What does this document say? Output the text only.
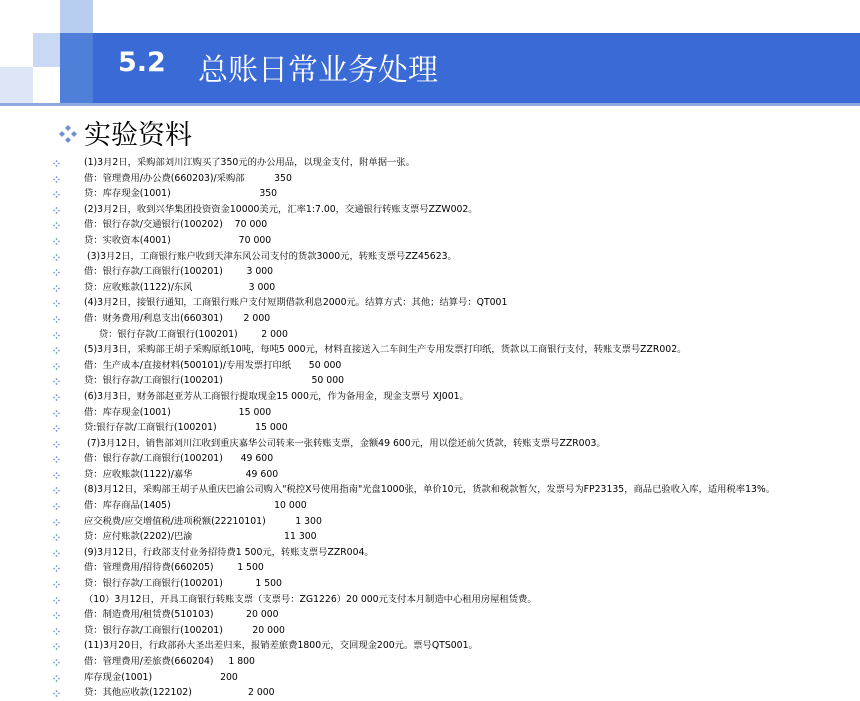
5.2 总账日常业务处理
实验资料
(1)3月2日，采购部刘川江购买了350元的办公用品，以现金支付，附单据一张。
借：管理费用/办公费(660203)/采购部          350
贷：库存现金(1001)                              350
(2)3月2日，收到兴华集团投资资金10000美元，汇率1:7.00，交通银行转账支票号ZZW002。
借：银行存款/交通银行(100202)    70 000
贷：实收资本(4001)                       70 000
(3)3月2日，工商银行账户收到天津东风公司支付的货款3000元，转账支票号ZZ45623。
借：银行存款/工商银行(100201)        3 000
贷：应收账款(1122)/东风                   3 000
(4)3月2日，接银行通知，工商银行账户支付短期借款利息2000元。结算方式：其他；结算号：QT001
借：财务费用/利息支出(660301)       2 000
贷：银行存款/工商银行(100201)        2 000
(5)3月3日，采购部王胡子采购原纸10吨，每吨5 000元，材料直接送入二车间生产专用发票打印纸，货款以工商银行支付，转账支票号ZZR002。
借：生产成本/直接材料(500101)/专用发票打印纸      50 000
贷：银行存款/工商银行(100201)                              50 000
(6)3月3日，财务部赵亚芳从工商银行提取现金15 000元，作为备用金，现金支票号 XJ001。
借：库存现金(1001)                       15 000
贷:银行存款/工商银行(100201)             15 000
(7)3月12日，销售部刘川江收到重庆嘉华公司转来一张转账支票，金额49 600元，用以偿还前欠货款，转账支票号ZZR003。
借：银行存款/工商银行(100201)      49 600
贷：应收账款(1122)/嘉华                  49 600
(8)3月12日，采购部王胡子从重庆巴渝公司购入"税控X号使用指南"光盘1000张，单价10元，货款和税款暂欠，发票号为FP23135，商品已验收入库，适用税率13%。
借：库存商品(1405)                                   10 000
应交税费/应交增值税/进项税额(22210101)          1 300
贷：应付账款(2202)/巴渝                               11 300
(9)3月12日，行政部支付业务招待费1 500元，转账支票号ZZR004。
借：管理费用/招待费(660205)        1 500
贷：银行存款/工商银行(100201)           1 500
（10）3月12日，开具工商银行转账支票（支票号：ZG1226）20 000元支付本月制造中心租用房屋租赁费。
借：制造费用/租赁费(510103)           20 000
贷：银行存款/工商银行(100201)          20 000
(11)3月20日，行政部孙大圣出差归来，报销差旅费1800元，交回现金200元。票号QTS001。
借：管理费用/差旅费(660204)     1 800
库存现金(1001)                       200
贷：其他应收款(122102)                   2 000
